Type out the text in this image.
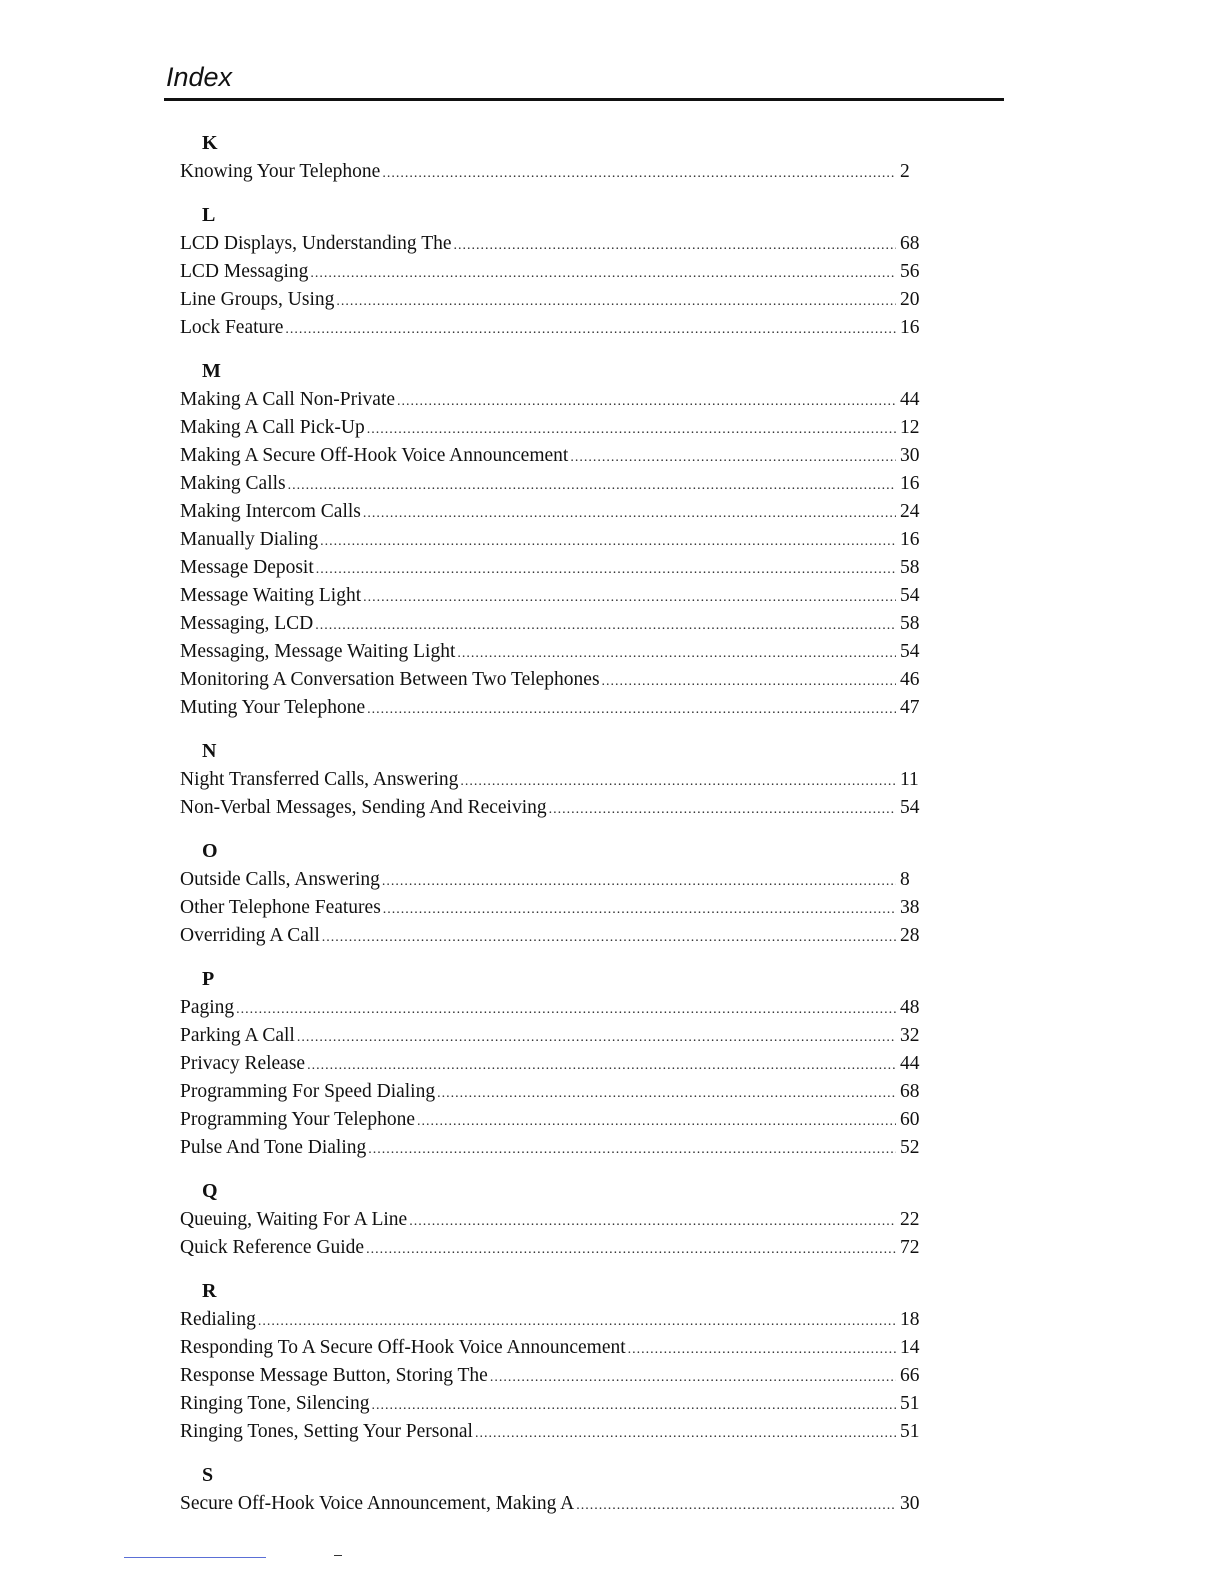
Index
K
Knowing Your Telephone .....	2
L
LCD Displays, Understanding The .....	68
LCD Messaging .....	56
Line Groups, Using .....	20
Lock Feature .....	16
M
Making A Call Non-Private .....	44
Making A Call Pick-Up .....	12
Making A Secure Off-Hook Voice Announcement .....	30
Making Calls .....	16
Making Intercom Calls .....	24
Manually Dialing .....	16
Message Deposit .....	58
Message Waiting Light .....	54
Messaging, LCD .....	58
Messaging, Message Waiting Light .....	54
Monitoring A Conversation Between Two Telephones .....	46
Muting Your Telephone .....	47
N
Night Transferred Calls, Answering .....	11
Non-Verbal Messages, Sending And Receiving .....	54
O
Outside Calls, Answering .....	8
Other Telephone Features .....	38
Overriding A Call .....	28
P
Paging .....	48
Parking A Call .....	32
Privacy Release .....	44
Programming For Speed Dialing .....	68
Programming Your Telephone .....	60
Pulse And Tone Dialing .....	52
Q
Queuing, Waiting For A Line .....	22
Quick Reference Guide .....	72
R
Redialing .....	18
Responding To A Secure Off-Hook Voice Announcement .....	14
Response Message Button, Storing The .....	66
Ringing Tone, Silencing .....	51
Ringing Tones, Setting Your Personal .....	51
S
Secure Off-Hook Voice Announcement, Making A .....	30
